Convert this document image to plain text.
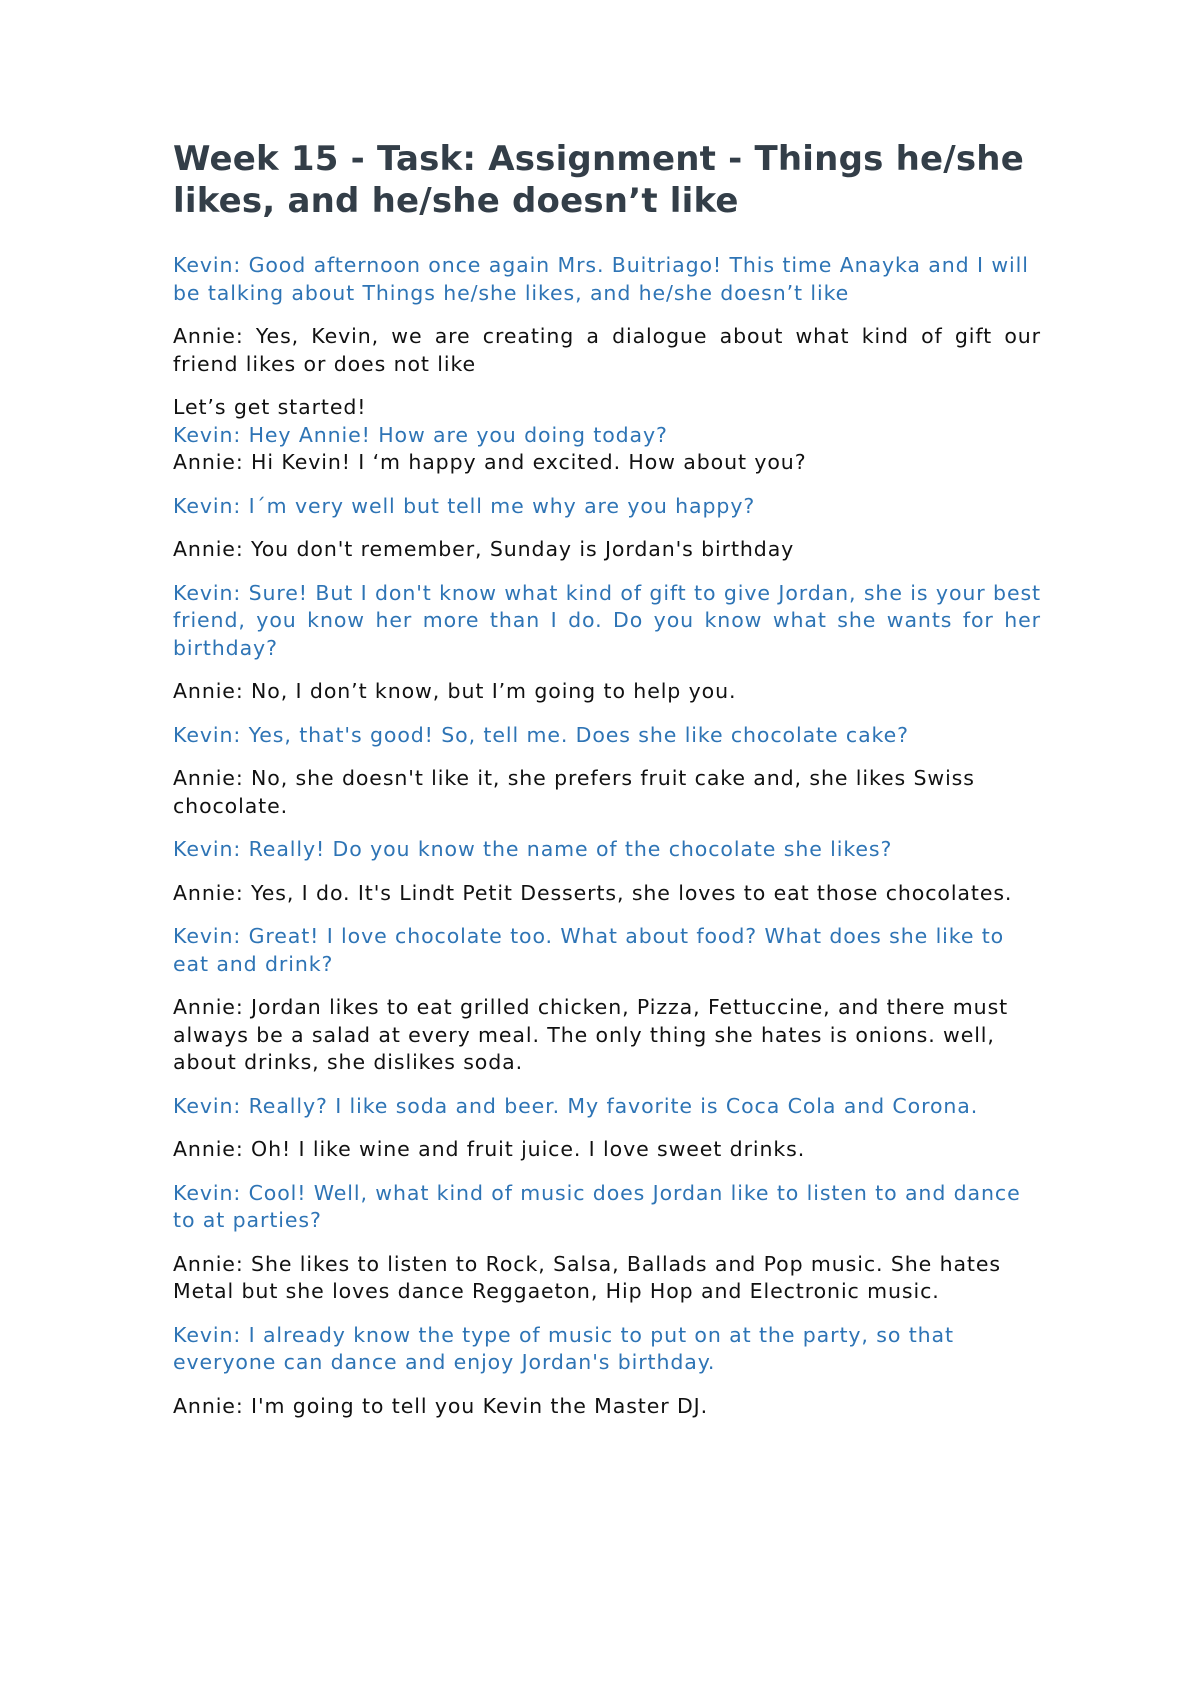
Week 15 - Task: Assignment - Things he/she likes, and he/she doesn’t like

Kevin: Good afternoon once again Mrs. Buitriago! This time Anayka and I will be talking about Things he/she likes, and he/she doesn’t like

Annie: Yes, Kevin, we are creating a dialogue about what kind of gift our friend likes or does not like

Let’s get started!

Kevin: Hey Annie! How are you doing today?

Annie: Hi Kevin! I ‘m happy and excited. How about you?

Kevin: I´m very well but tell me why are you happy?

Annie: You don't remember, Sunday is Jordan's birthday

Kevin: Sure! But I don't know what kind of gift to give Jordan, she is your best friend, you know her more than I do. Do you know what she wants for her birthday?

Annie: No, I don’t know, but I’m going to help you.

Kevin: Yes, that's good! So, tell me. Does she like chocolate cake?

Annie: No, she doesn't like it, she prefers fruit cake and, she likes Swiss chocolate.

Kevin: Really! Do you know the name of the chocolate she likes?

Annie: Yes, I do. It's Lindt Petit Desserts, she loves to eat those chocolates.

Kevin: Great! I love chocolate too. What about food? What does she like to eat and drink?

Annie: Jordan likes to eat grilled chicken, Pizza, Fettuccine, and there must always be a salad at every meal. The only thing she hates is onions. well, about drinks, she dislikes soda.

Kevin: Really? I like soda and beer. My favorite is Coca Cola and Corona.

Annie: Oh! I like wine and fruit juice. I love sweet drinks.

Kevin: Cool! Well, what kind of music does Jordan like to listen to and dance to at parties?

Annie: She likes to listen to Rock, Salsa, Ballads and Pop music. She hates Metal but she loves dance Reggaeton, Hip Hop and Electronic music.

Kevin: I already know the type of music to put on at the party, so that everyone can dance and enjoy Jordan's birthday.

Annie: I'm going to tell you Kevin the Master DJ.
